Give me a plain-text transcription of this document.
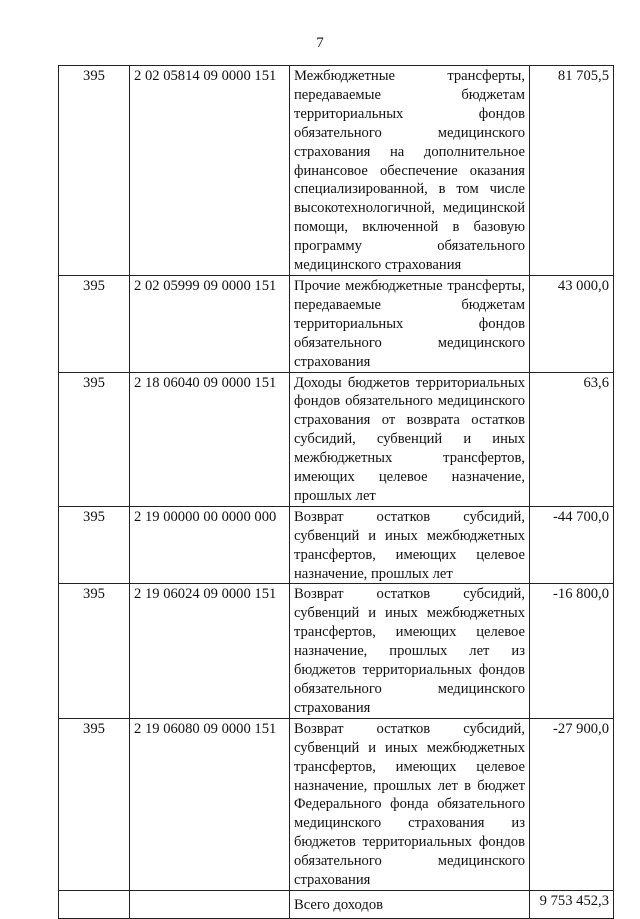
7
395	2 02 05814 09 0000 151	Межбюджетные трансферты, передаваемые бюджетам территориальных фондов обязательного медицинского страхования на дополнительное финансовое обеспечение оказания специализированной, в том числе высокотехнологичной, медицинской помощи, включенной в базовую программу обязательного медицинского страхования	81 705,5
395	2 02 05999 09 0000 151	Прочие межбюджетные трансферты, передаваемые бюджетам территориальных фондов обязательного медицинского страхования	43 000,0
395	2 18 06040 09 0000 151	Доходы бюджетов территориальных фондов обязательного медицинского страхования от возврата остатков субсидий, субвенций и иных межбюджетных трансфертов, имеющих целевое назначение, прошлых лет	63,6
395	2 19 00000 00 0000 000	Возврат остатков субсидий, субвенций и иных межбюджетных трансфертов, имеющих целевое назначение, прошлых лет	-44 700,0
395	2 19 06024 09 0000 151	Возврат остатков субсидий, субвенций и иных межбюджетных трансфертов, имеющих целевое назначение, прошлых лет из бюджетов территориальных фондов обязательного медицинского страхования	-16 800,0
395	2 19 06080 09 0000 151	Возврат остатков субсидий, субвенций и иных межбюджетных трансфертов, имеющих целевое назначение, прошлых лет в бюджет Федерального фонда обязательного медицинского страхования из бюджетов территориальных фондов обязательного медицинского страхования	-27 900,0
		Всего доходов	9 753 452,3
